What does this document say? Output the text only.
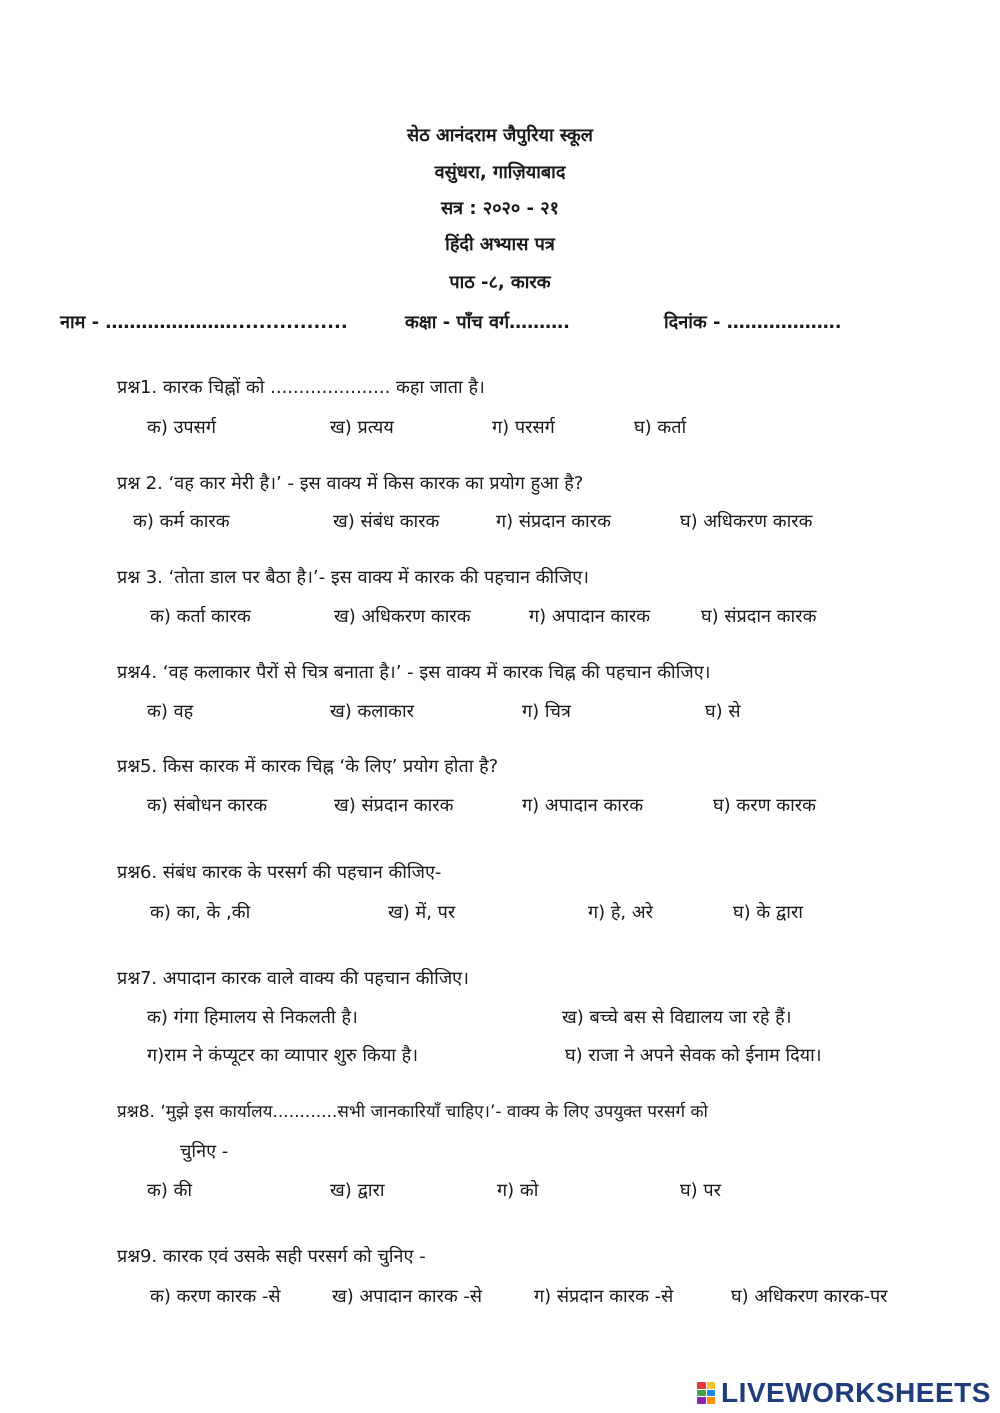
सेठ आनंदराम जैपुरिया स्कूल
वसुंधरा, गाज़ियाबाद
सत्र : २०२० - २१
हिंदी अभ्यास पत्र
पाठ -८, कारक
नाम - ………………….................	कक्षा - पाँच वर्ग……….	दिनांक - ……………….
प्रश्न1. कारक चिह्नों को ..................... कहा जाता है।
क) उपसर्ग	ख) प्रत्यय	ग) परसर्ग	घ) कर्ता
प्रश्न 2. ‘वह कार मेरी है।’ - इस वाक्य में किस कारक का प्रयोग हुआ है?
क) कर्म कारक	ख) संबंध कारक	ग) संप्रदान कारक	घ) अधिकरण कारक
प्रश्न 3. ‘तोता डाल पर बैठा है।’- इस वाक्य में कारक की पहचान कीजिए।
क) कर्ता कारक	ख) अधिकरण कारक	ग) अपादान कारक	घ) संप्रदान कारक
प्रश्न4. ‘वह कलाकार पैरों से चित्र बनाता है।’ - इस वाक्य में कारक चिह्न की पहचान कीजिए।
क) वह	ख) कलाकार	ग) चित्र	घ) से
प्रश्न5. किस कारक में कारक चिह्न ‘के लिए’ प्रयोग होता है?
क) संबोधन कारक	ख) संप्रदान कारक	ग) अपादान कारक	घ) करण कारक
प्रश्न6. संबंध कारक के परसर्ग की पहचान कीजिए-
क) का, के ,की	ख) में, पर	ग) हे, अरे	घ) के द्वारा
प्रश्न7. अपादान कारक वाले वाक्य की पहचान कीजिए।
क) गंगा हिमालय से निकलती है।	ख) बच्चे बस से विद्यालय जा रहे हैं।
ग)राम ने कंप्यूटर का व्यापार शुरु किया है।	घ) राजा ने अपने सेवक को ईनाम दिया।
प्रश्न8. ‘मुझे इस कार्यालय............सभी जानकारियाँ चाहिए।’- वाक्य के लिए उपयुक्त परसर्ग को
चुनिए -
क) की	ख) द्वारा	ग) को	घ) पर
प्रश्न9. कारक एवं उसके सही परसर्ग को चुनिए -
क) करण कारक -से	ख) अपादान कारक -से	ग) संप्रदान कारक -से	घ) अधिकरण कारक-पर
LIVEWORKSHEETS
